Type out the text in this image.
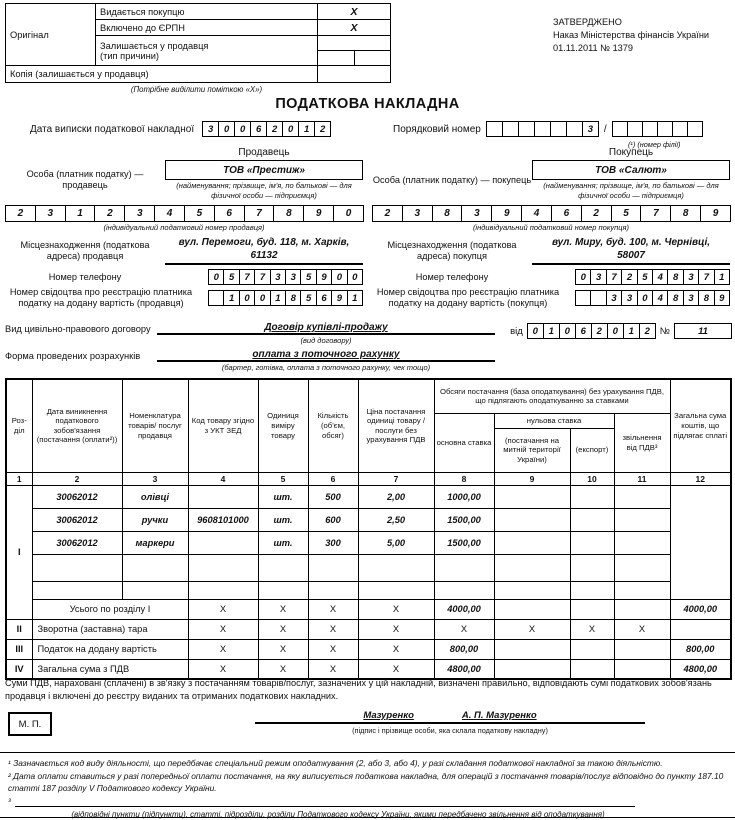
Оригінал	Видається покупцю	X	
	Включено до ЄРПН	X	

	Залишається у продавця
(тип причини)		

Копія (залишається у продавця)			
(Потрібне виділити поміткою «Х»)
ЗАТВЕРДЖЕНО
Наказ Міністерства фінансів України
01.11.2011 № 1379
ПОДАТКОВА НАКЛАДНА
Дата виписки податкової накладної	3	0	0	6	2	0	1	2	Порядковий номер	3	/
(¹) (номер філії)
Продавець
Особа (платник податку) — продавець
ТОВ «Престиж»
(найменування; прізвище, ім'я, по батькові — для фізичної особи — підприємця)
2	3	1	2	3	4	5	6	7	8	9	0
(індивідуальний податковий номер продавця)
Місцезнаходження (податкова адреса) продавця
вул. Перемоги, буд. 118, м. Харків, 61132
Номер телефону	0	5	7	7	3	3	5	9	0	0
Номер свідоцтва про реєстрацію платника податку на додану вартість (продавця)	1	0	0	1	8	5	6	9	1
Покупець
Особа (платник податку) — покупець
ТОВ «Салют»
(найменування; прізвище, ім'я, по батькові — для фізичної особи — підприємця)
2	3	8	3	9	4	6	2	5	7	8	9
(індивідуальний податковий номер покупця)
Місцезнаходження (податкова адреса) покупця
вул. Миру, буд. 100, м. Чернівці, 58007
Номер телефону	0	3	7	2	5	4	8	3	7	1
Номер свідоцтва про реєстрацію платника податку на додану вартість (покупця)	3	3	0	4	8	3	8	9
Вид цивільно-правового договору	Договір купівлі-продажу
(вид договору)
від	0	1	0	6	2	0	1	2	№	11
Форма проведених розрахунків	оплата з поточного рахунку
(бартер, готівка, оплата з поточного рахунку, чек тощо)
Роз-діл	Дата виникнення податкового зобов'язання (постачання (оплати²))	Номенклатура товарів/ послуг продавця	Код товару згідно з УКТ ЗЕД	Одиниця виміру товару	Кількість (об'єм, обсяг)	Ціна постачання одиниці товару / послуги без урахування ПДВ	Обсяги постачання (база оподаткування) без урахування ПДВ, що підлягають оподаткуванню за ставками				Загальна сума коштів, що підлягає сплаті
							основна ставка	нульова ставка		звільнення від ПДВ³	
								(постачання на митній території України)	(експорт)		
1	2	3	4	5	6	7	8	9	10	11	12
I	30062012	олівці		шт.	500	2,00	1000,00				
	30062012	ручки	9608101000	шт.	600	2,50	1500,00				
	30062012	маркери		шт.	300	5,00	1500,00				

	Усього по розділу І		X	X	X	X	4000,00				4000,00
II	Зворотна (заставна) тара		X	X	X	X	X	X	X	X	
III	Податок на додану вартість		X	X	X	X	800,00				800,00
IV	Загальна сума з ПДВ		X	X	X	X	4800,00				4800,00
Суми ПДВ, нараховані (сплачені) в зв'язку з постачанням товарів/послуг, зазначених у цій накладній, визначені правильно, відповідають сумі податкових зобов'язань продавця і включені до реєстру виданих та отриманих податкових накладних.
М. П.
Мазуренко	А. П. Мазуренко
(підпис і прізвище особи, яка склала податкову накладну)
¹ Зазначається код виду діяльності, що передбачає спеціальний режим оподаткування (2, або 3, або 4), у разі складання податкової накладної за такою діяльністю.
² Дата оплати ставиться у разі попередньої оплати постачання, на яку виписується податкова накладна, для операцій з постачання товарів/послуг відповідно до пункту 187.10 статті 187 розділу V Податкового кодексу України.
³
(відповідні пункти (підпункти), статті, підрозділи, розділи Податкового кодексу України, якими передбачено звільнення від оподаткування)
